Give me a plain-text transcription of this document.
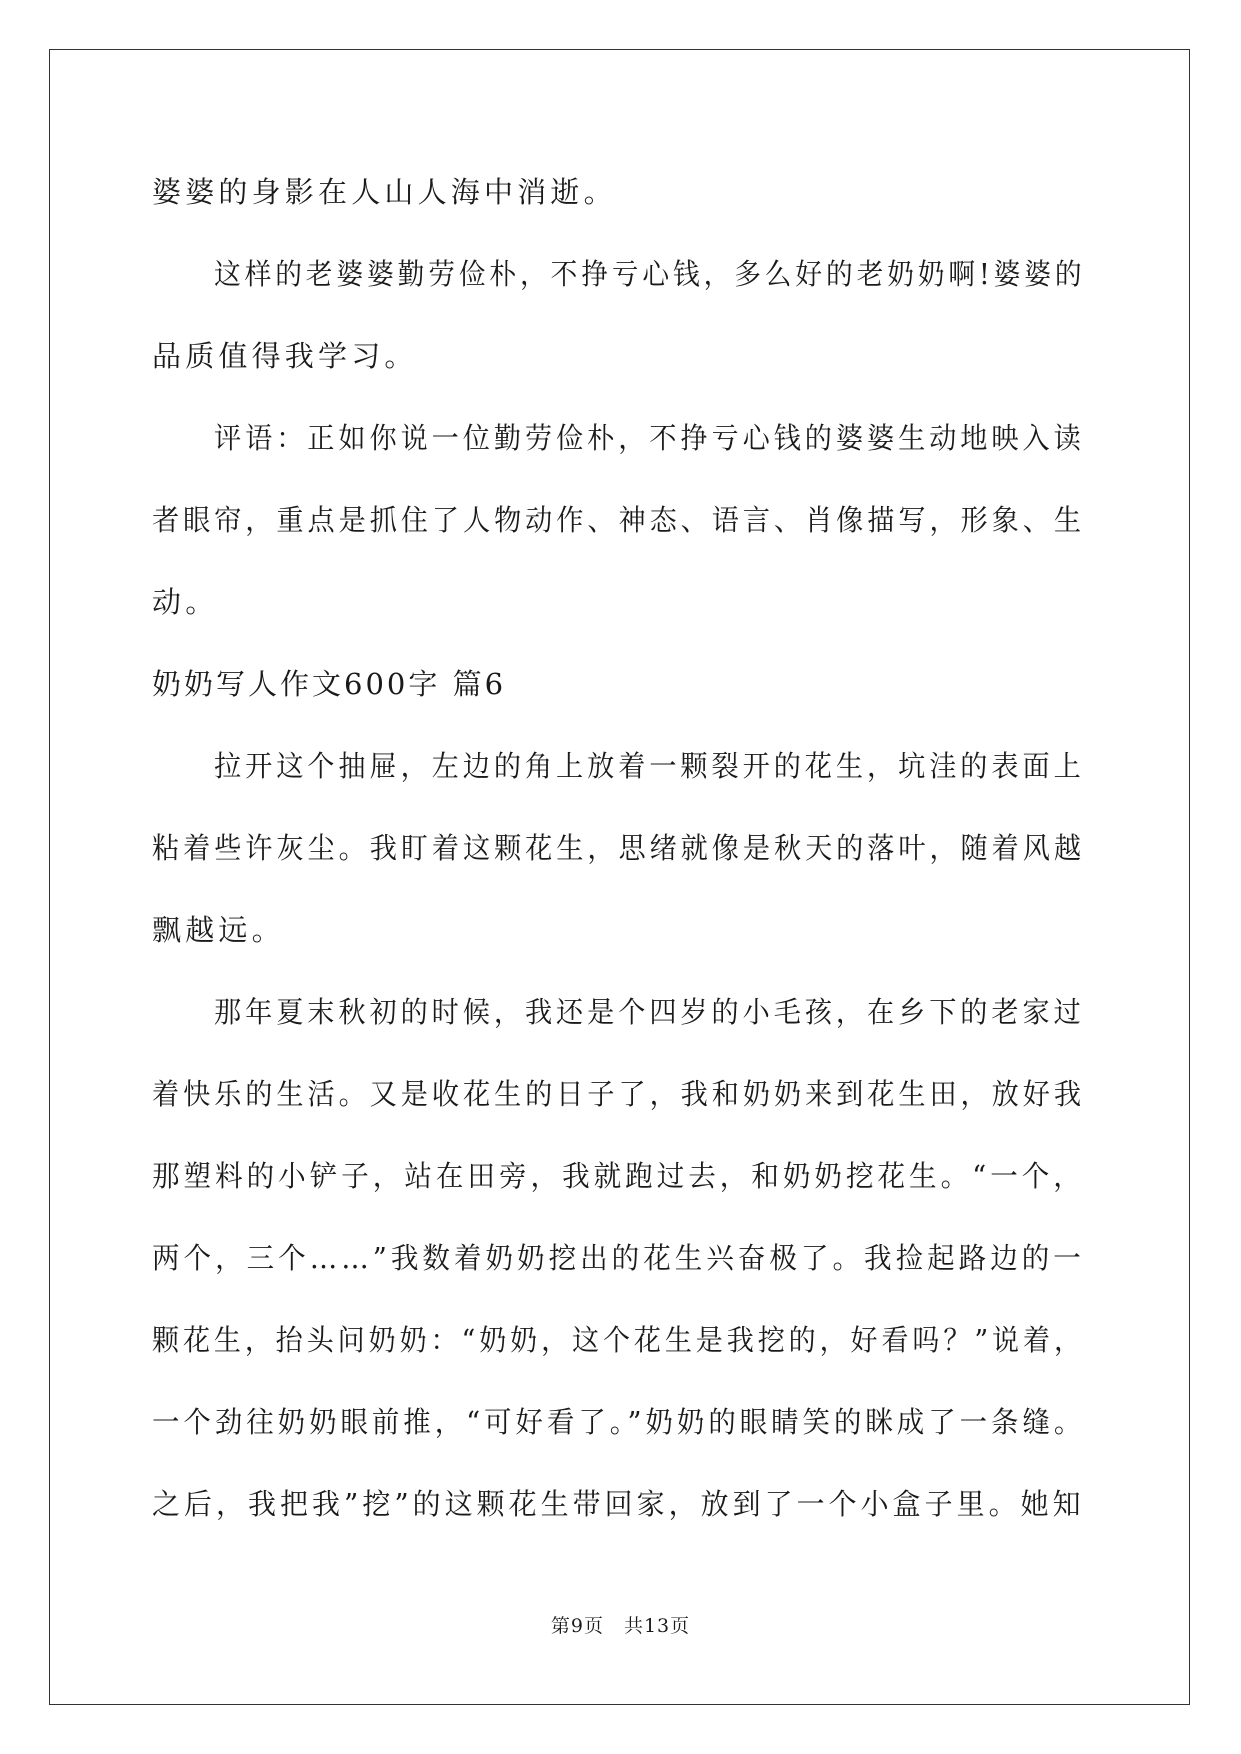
婆婆的身影在人山人海中消逝。
这样的老婆婆勤劳俭朴，不挣亏心钱，多么好的老奶奶啊!婆婆的
品质值得我学习。
评语：正如你说一位勤劳俭朴，不挣亏心钱的婆婆生动地映入读
者眼帘，重点是抓住了人物动作、神态、语言、肖像描写，形象、生
动。
奶奶写人作文600字 篇6
拉开这个抽屉，左边的角上放着一颗裂开的花生，坑洼的表面上
粘着些许灰尘。我盯着这颗花生，思绪就像是秋天的落叶，随着风越
飘越远。
那年夏末秋初的时候，我还是个四岁的小毛孩，在乡下的老家过
着快乐的生活。又是收花生的日子了，我和奶奶来到花生田，放好我
那塑料的小铲子，站在田旁，我就跑过去，和奶奶挖花生。“一个，
两个，三个……”我数着奶奶挖出的花生兴奋极了。我捡起路边的一
颗花生，抬头问奶奶：“奶奶，这个花生是我挖的，好看吗？”说着，
一个劲往奶奶眼前推，“可好看了。”奶奶的眼睛笑的眯成了一条缝。
之后，我把我”挖”的这颗花生带回家，放到了一个小盒子里。她知
第9页　共13页
